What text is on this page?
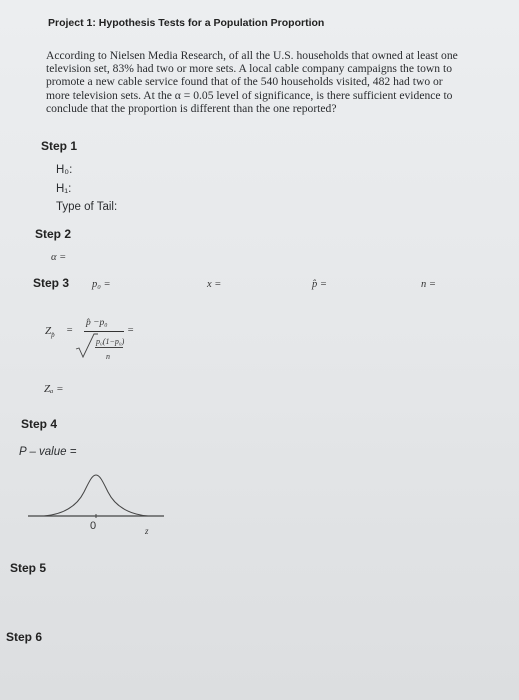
Project 1: Hypothesis Tests for a Population Proportion
According to Nielsen Media Research, of all the U.S. households that owned at least one
television set, 83% had two or more sets. A local cable company campaigns the town to
promote a new cable service found that of the 540 households visited, 482 had two or
more television sets. At the α = 0.05 level of significance, is there sufficient evidence to
conclude that the proportion is different than the one reported?
Step 1
H₀:
H₁:
Type of Tail:
Step 2
α =
Step 3 p₀ =	x =	p̂ =	n =
$Z_{p̂}$ =
p̂ −p₀
p₀(1−p₀)
n
=
Zₐ =
Step 4
P – value =
0	z
Step 5
Step 6
